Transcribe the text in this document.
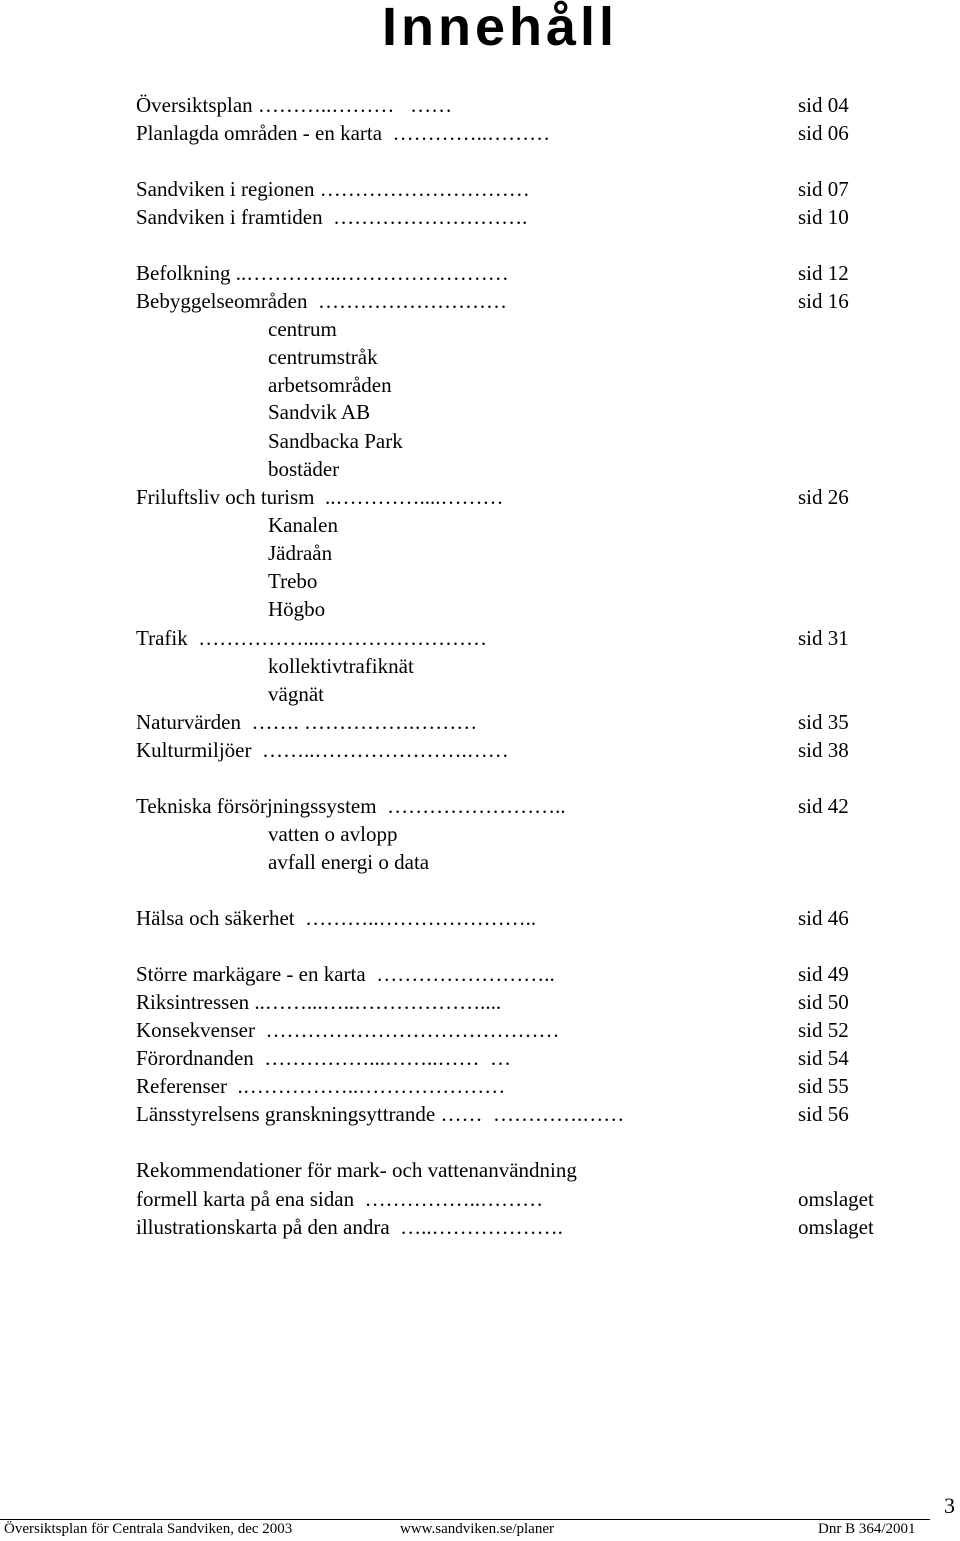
Innehåll
Översiktsplan ………..………   ……	sid 04
Planlagda områden - en karta  …………..………	sid 06
Sandviken i regionen …………………………	sid 07
Sandviken i framtiden  ……………………….	sid 10
Befolkning ..…………..……………………	sid 12
Bebyggelseområden  ………………………	sid 16
centrum
centrumstråk
arbetsområden
Sandvik AB
Sandbacka Park
bostäder
Friluftsliv och turism  ..…………....………	sid 26
Kanalen
Jädraån
Trebo
Högbo
Trafik  ……………...……………………	sid 31
kollektivtrafiknät
vägnät
Naturvärden  ……. …………….………	sid 35
Kulturmiljöer  ……..………………….……	sid 38
Tekniska försörjningssystem  ……………………..	sid 42
vatten o avlopp
avfall energi o data
Hälsa och säkerhet  ………..…………………..	sid 46
Större markägare - en karta  ……………………..	sid 49
Riksintressen ..……...…..………………....	sid 50
Konsekvenser  ……………………………………	sid 52
Förordnanden  ……………...……..……  …	sid 54
Referenser  .……………..…………………	sid 55
Länsstyrelsens granskningsyttrande ……  ………….……	sid 56
Rekommendationer för mark- och vattenanvändning
formell karta på ena sidan  ……………..………	omslaget
illustrationskarta på den andra  …..……………….	omslaget
Översiktsplan för Centrala Sandviken, dec 2003	www.sandviken.se/planer	Dnr B 364/2001
3
